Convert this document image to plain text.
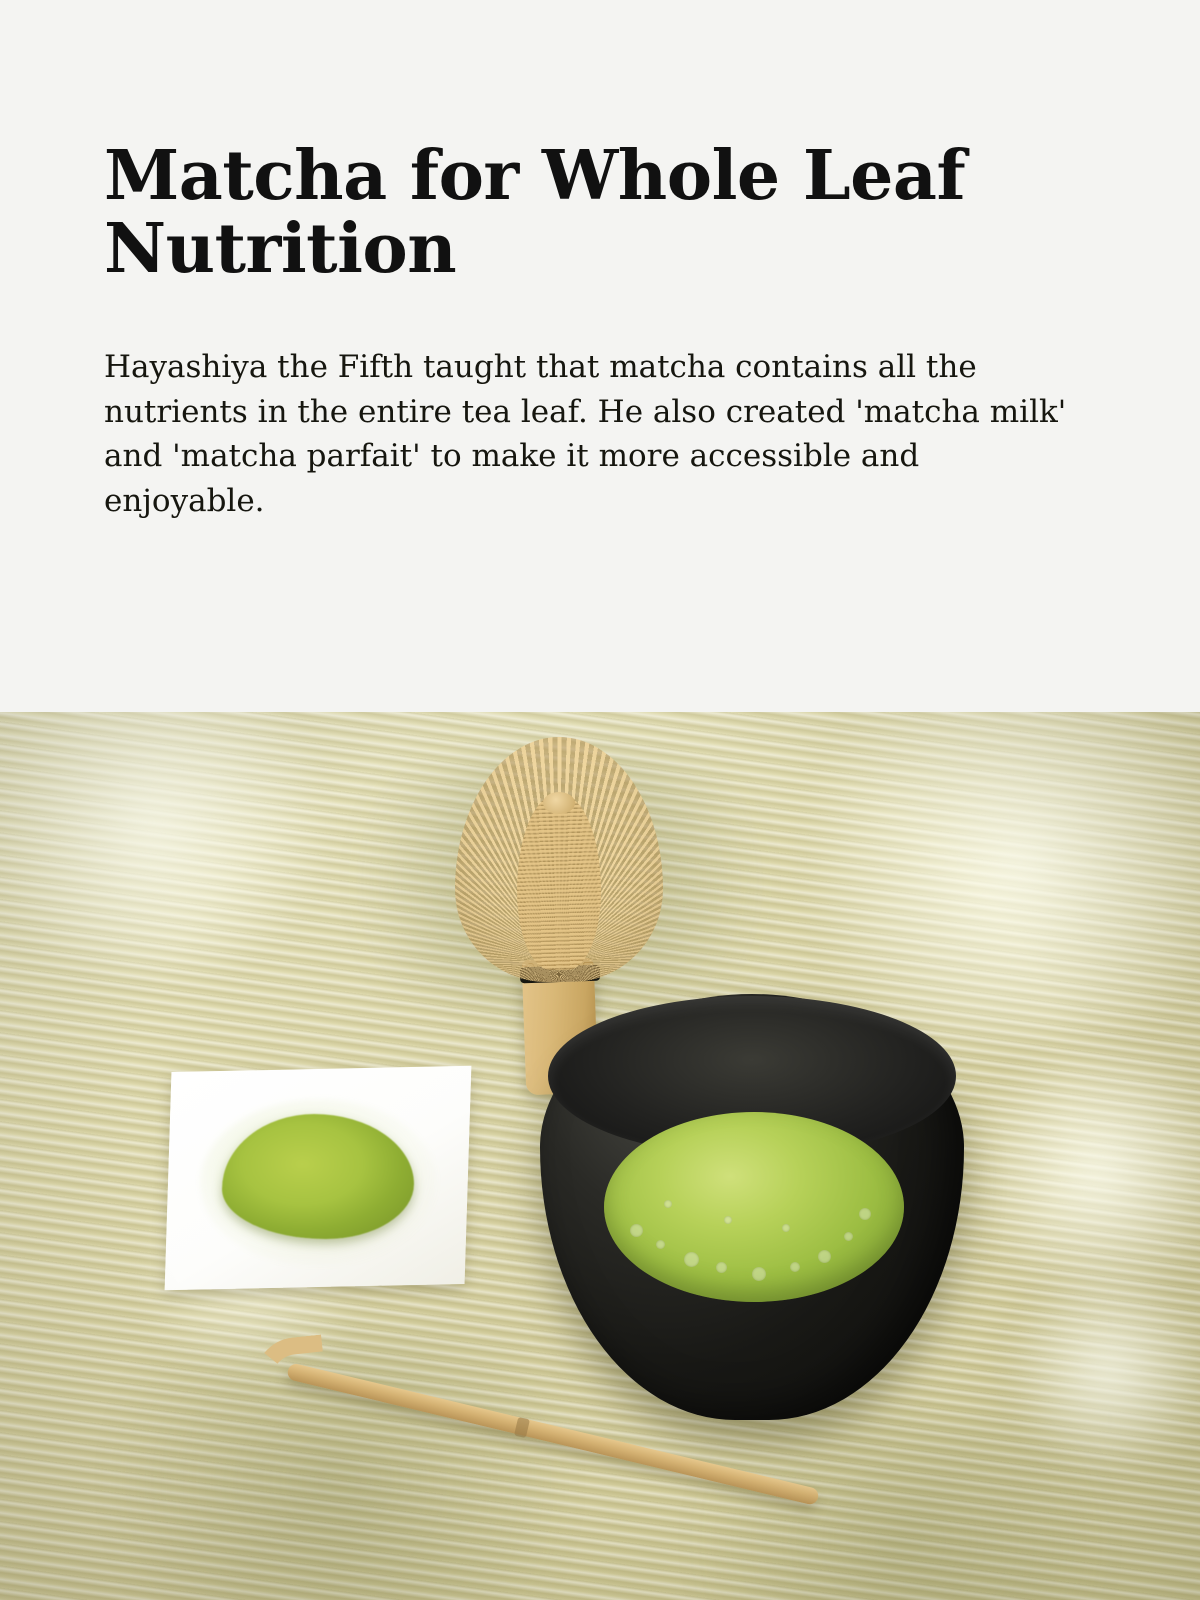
Matcha for Whole Leaf Nutrition

Hayashiya the Fifth taught that matcha contains all the nutrients in the entire tea leaf. He also created 'matcha milk' and 'matcha parfait' to make it more accessible and enjoyable.
